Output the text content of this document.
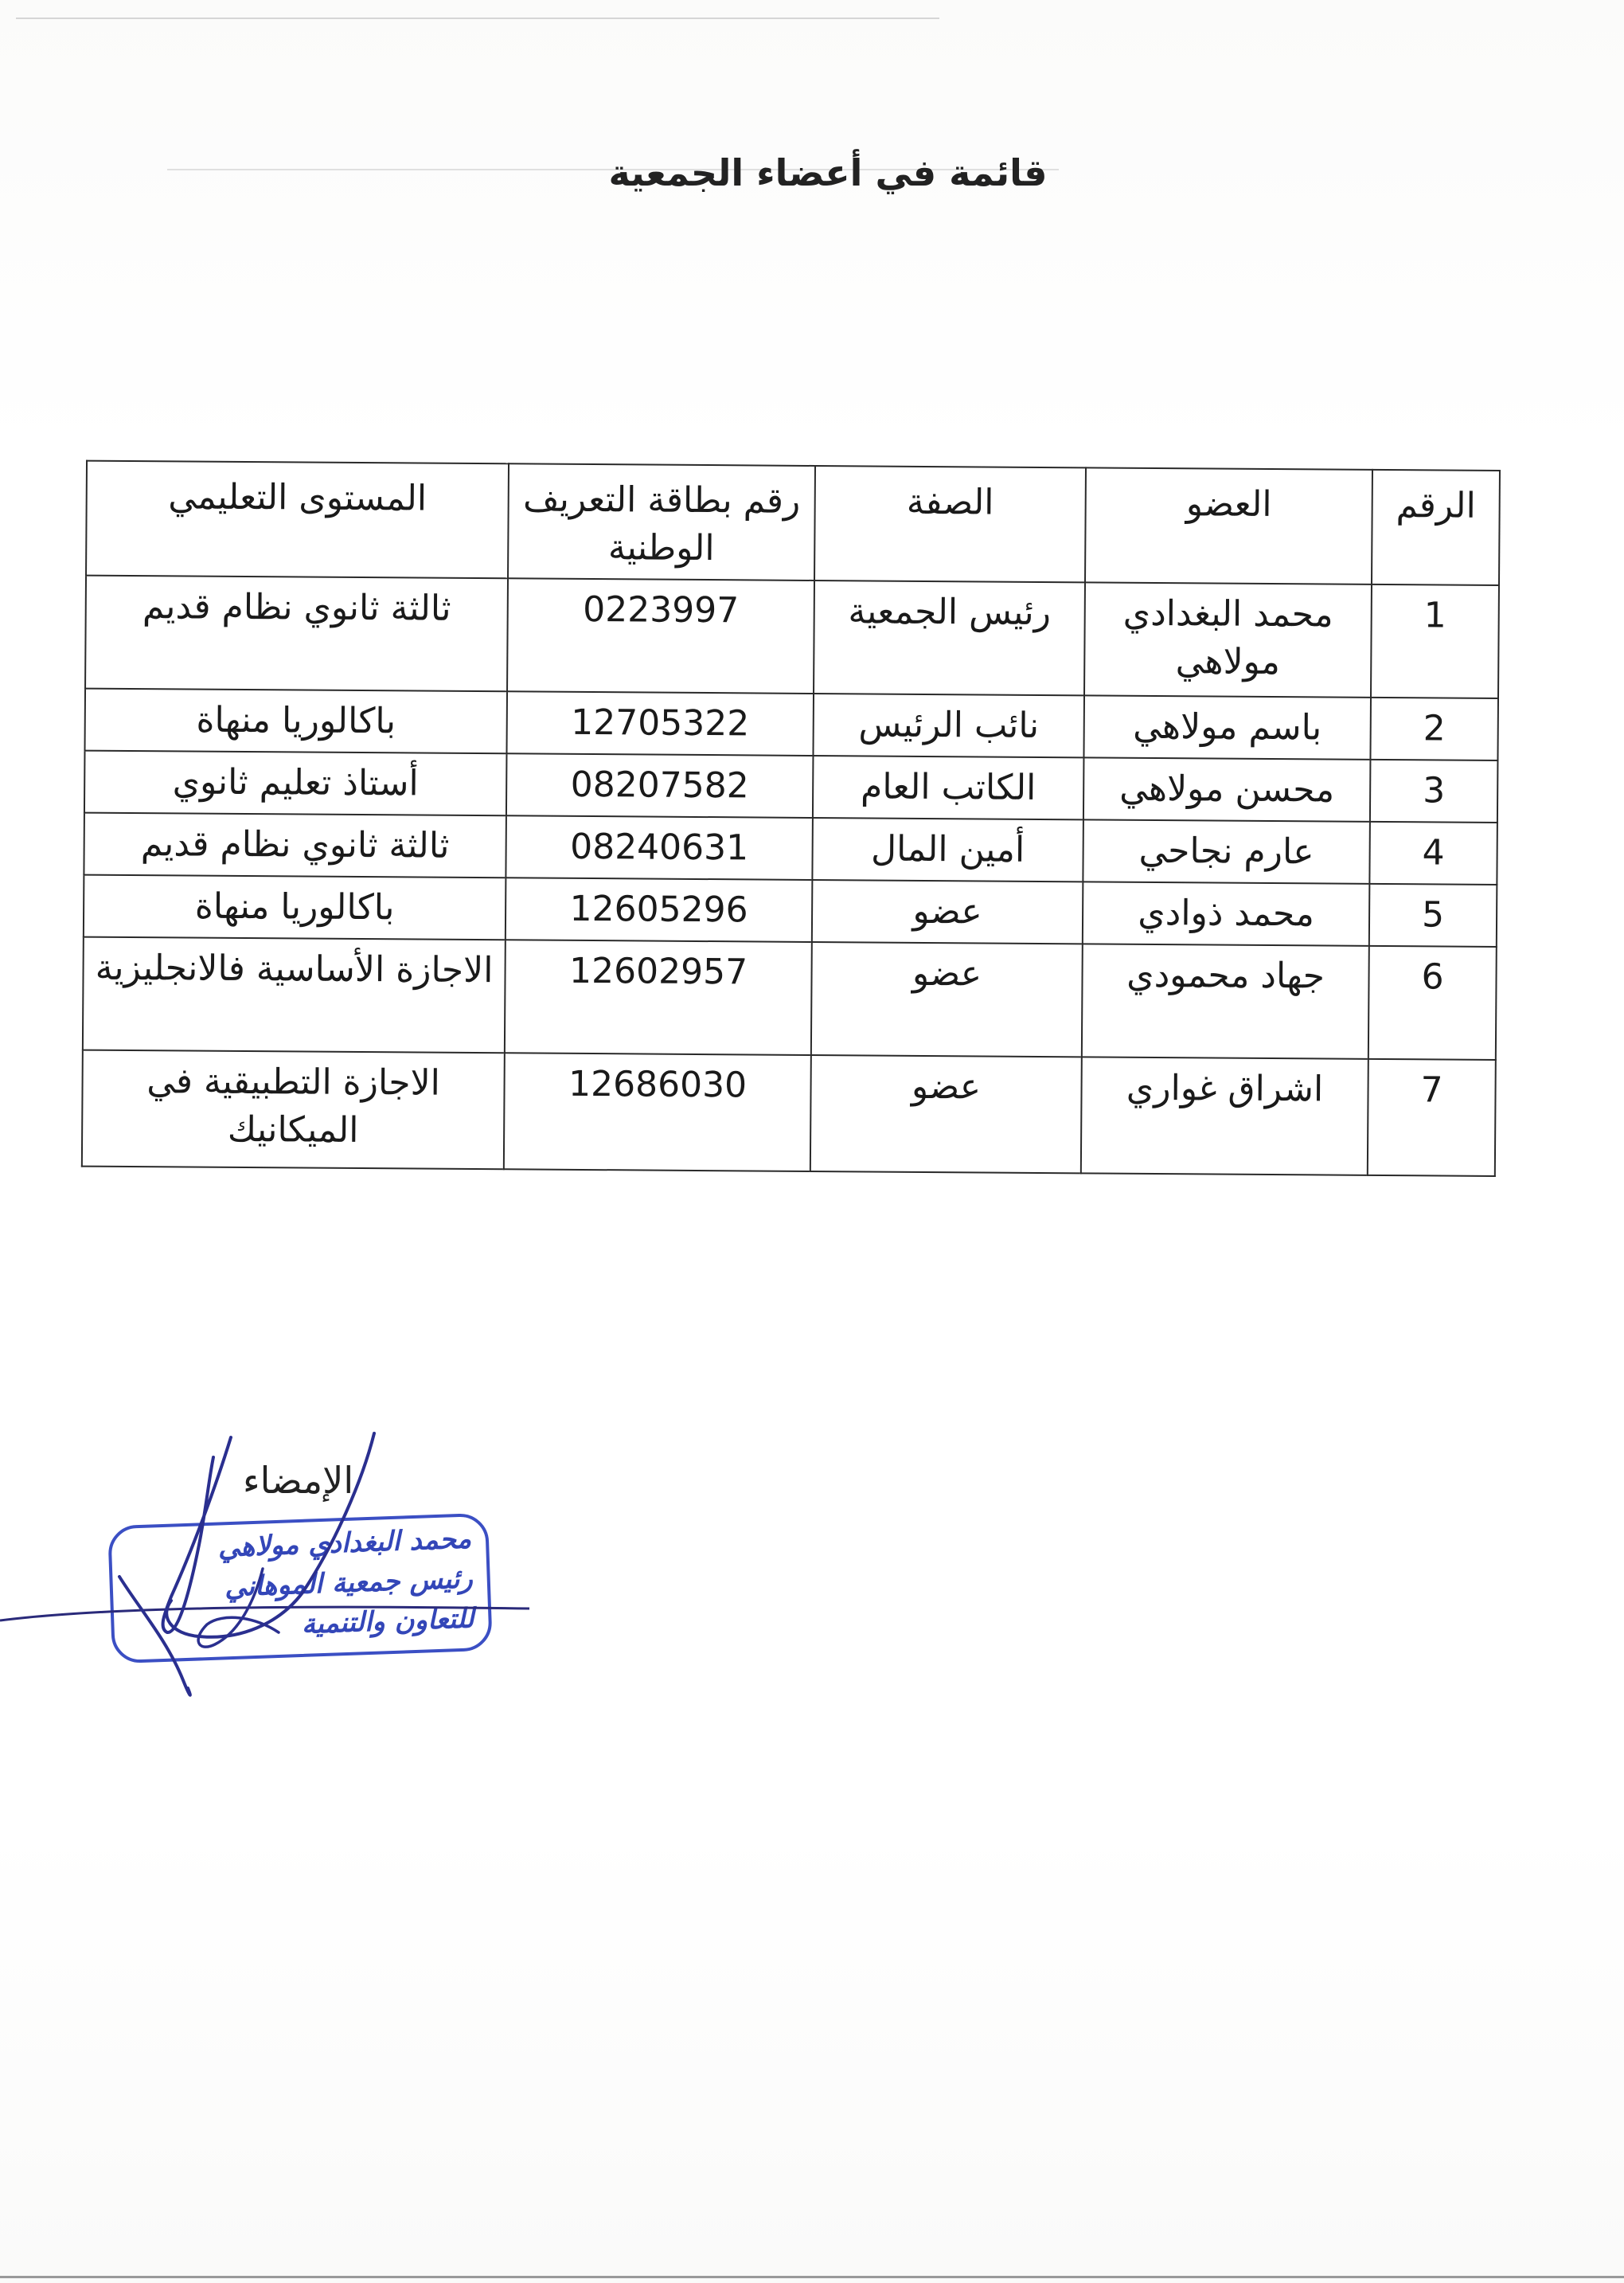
قائمة في أعضاء الجمعية
الرقم	العضو	الصفة	رقم بطاقة التعريف الوطنية	المستوى التعليمي
1	محمد البغدادي مولاهي	رئيس الجمعية	0223997	ثالثة ثانوي نظام قديم
2	باسم مولاهي	نائب الرئيس	12705322	باكالوريا منهاة
3	محسن مولاهي	الكاتب العام	08207582	أستاذ تعليم ثانوي
4	عارم نجاحي	أمين المال	08240631	ثالثة ثانوي نظام قديم
5	محمد ذوادي	عضو	12605296	باكالوريا منهاة
6	جهاد محمودي	عضو	12602957	الاجازة الأساسية فالانجليزية
7	اشراق غواري	عضو	12686030	الاجازة التطبيقية في الميكانيك
الإمضاء
محمد البغدادي مولاهي
رئيس جمعية الموهاني
للتعاون والتنمية
